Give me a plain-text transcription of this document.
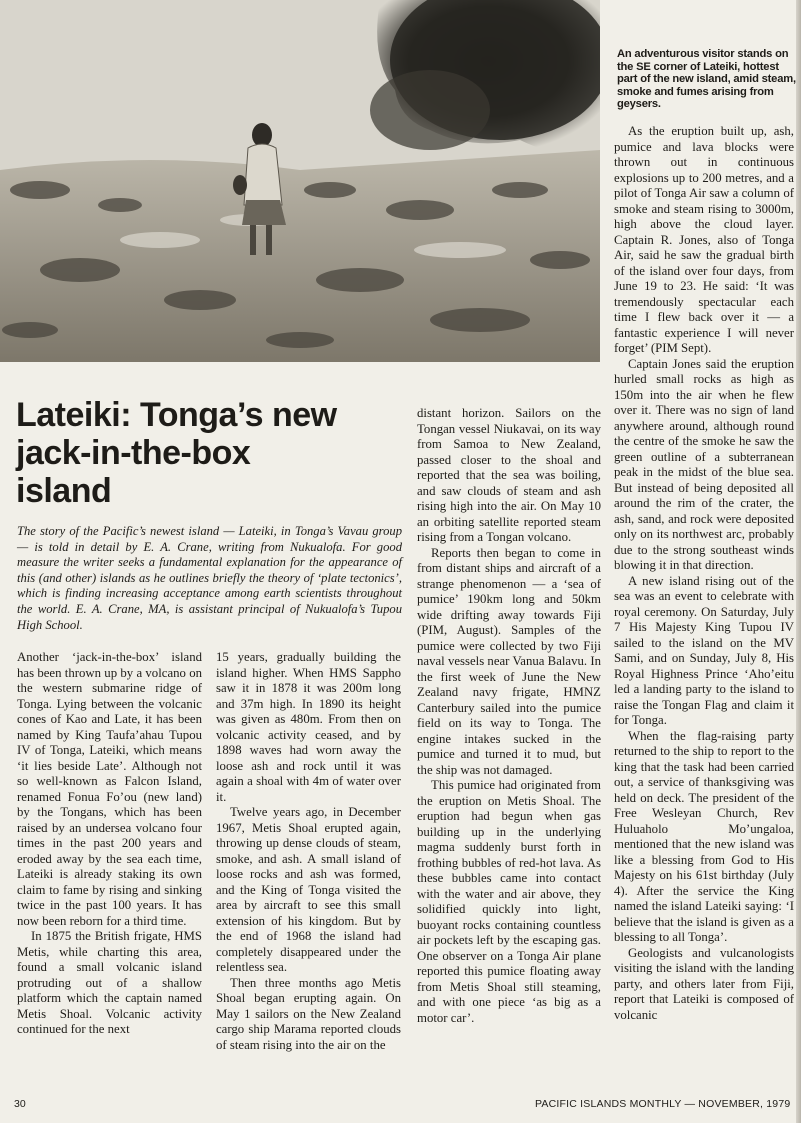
An adventurous visitor stands on the SE corner of Lateiki, hottest part of the new island, amid steam, smoke and fumes arising from geysers.
Lateiki: Tonga’s new
jack-in-the-box
island

The story of the Pacific’s newest island — Lateiki, in Tonga’s Vavau group — is told in detail by E. A. Crane, writing from Nukualofa. For good measure the writer seeks a fundamental explanation for the appearance of this (and other) islands as he outlines briefly the theory of ‘plate tectonics’, which is finding increasing acceptance among earth scientists throughout the world. E. A. Crane, MA, is assistant principal of Nukualofa’s Tupou High School.

Another ‘jack-in-the-box’ island has been thrown up by a volcano on the western submarine ridge of Tonga. Lying between the volcanic cones of Kao and Late, it has been named by King Taufa’ahau Tupou IV of Tonga, Lateiki, which means ‘it lies beside Late’. Although not so well-known as Falcon Island, renamed Fonua Fo’ou (new land) by the Tongans, which has been raised by an undersea volcano four times in the past 200 years and eroded away by the sea each time, Lateiki is already staking its own claim to fame by rising and sinking twice in the past 100 years. It has now been reborn for a third time.

In 1875 the British frigate, HMS Metis, while charting this area, found a small volcanic island protruding out of a shallow platform which the captain named Metis Shoal. Volcanic activity continued for the next

15 years, gradually building the island higher. When HMS Sappho saw it in 1878 it was 200m long and 37m high. In 1890 its height was given as 480m. From then on volcanic activity ceased, and by 1898 waves had worn away the loose ash and rock until it was again a shoal with 4m of water over it.

Twelve years ago, in December 1967, Metis Shoal erupted again, throwing up dense clouds of steam, smoke, and ash. A small island of loose rocks and ash was formed, and the King of Tonga visited the area by aircraft to see this small extension of his kingdom. But by the end of 1968 the island had completely disappeared under the relentless sea.

Then three months ago Metis Shoal began erupting again. On May 1 sailors on the New Zealand cargo ship Marama reported clouds of steam rising into the air on the

distant horizon. Sailors on the Tongan vessel Niukavai, on its way from Samoa to New Zealand, passed closer to the shoal and reported that the sea was boiling, and saw clouds of steam and ash rising high into the air. On May 10 an orbiting satellite reported steam rising from a Tongan volcano.

Reports then began to come in from distant ships and aircraft of a strange phenomenon — a ‘sea of pumice’ 190km long and 50km wide drifting away towards Fiji (PIM, August). Samples of the pumice were collected by two Fiji naval vessels near Vanua Balavu. In the first week of June the New Zealand navy frigate, HMNZ Canterbury sailed into the pumice field on its way to Tonga. The engine intakes sucked in the pumice and turned it to mud, but the ship was not damaged.

This pumice had originated from the eruption on Metis Shoal. The eruption had begun when gas building up in the underlying magma suddenly burst forth in frothing bubbles of red-hot lava. As these bubbles came into contact with the water and air above, they solidified quickly into light, buoyant rocks containing countless air pockets left by the escaping gas. One observer on a Tonga Air plane reported this pumice floating away from Metis Shoal still steaming, and with one piece ‘as big as a motor car’.

As the eruption built up, ash, pumice and lava blocks were thrown out in continuous explosions up to 200 metres, and a pilot of Tonga Air saw a column of smoke and steam rising to 3000m, high above the cloud layer. Captain R. Jones, also of Tonga Air, said he saw the gradual birth of the island over four days, from June 19 to 23. He said: ‘It was tremendously spectacular each time I flew back over it — a fantastic experience I will never forget’ (PIM Sept).

Captain Jones said the eruption hurled small rocks as high as 150m into the air when he flew over it. There was no sign of land anywhere around, although round the centre of the smoke he saw the green outline of a subterranean peak in the midst of the blue sea. But instead of being deposited all around the rim of the crater, the ash, sand, and rock were deposited only on its northwest arc, probably due to the strong southeast winds blowing it in that direction.

A new island rising out of the sea was an event to celebrate with royal ceremony. On Saturday, July 7 His Majesty King Tupou IV sailed to the island on the MV Sami, and on Sunday, July 8, His Royal Highness Prince ‘Aho’eitu led a landing party to the island to raise the Tongan Flag and claim it for Tonga.

When the flag-raising party returned to the ship to report to the king that the task had been carried out, a service of thanksgiving was held on deck. The president of the Free Wesleyan Church, Rev Huluaholo Mo’ungaloa, mentioned that the new island was like a blessing from God to His Majesty on his 61st birthday (July 4). After the service the King named the island Lateiki saying: ‘I believe that the island is given as a blessing to all Tonga’.

Geologists and vulcanologists visiting the island with the landing party, and others later from Fiji, report that Lateiki is composed of volcanic

30	PACIFIC ISLANDS MONTHLY — NOVEMBER, 1979
